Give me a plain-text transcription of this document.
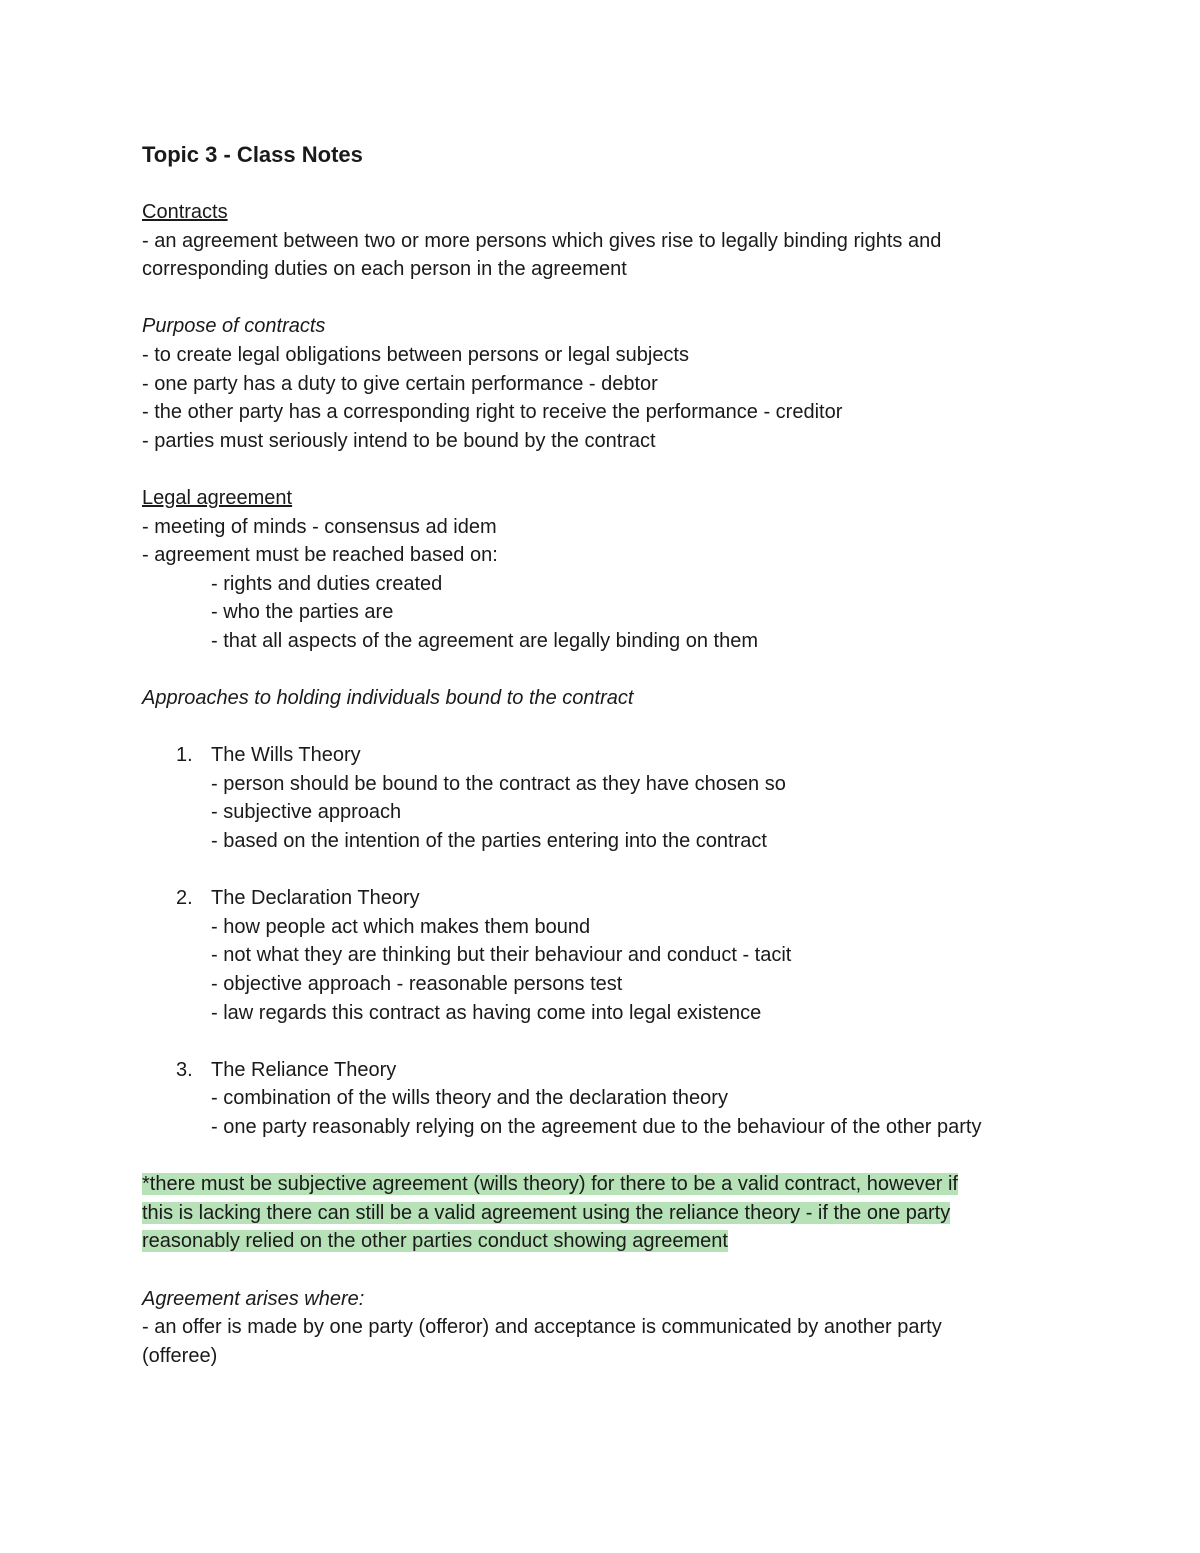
Topic 3 - Class Notes
Contracts
- an agreement between two or more persons which gives rise to legally binding rights and
corresponding duties on each person in the agreement
Purpose of contracts
- to create legal obligations between persons or legal subjects
- one party has a duty to give certain performance - debtor
- the other party has a corresponding right to receive the performance - creditor
- parties must seriously intend to be bound by the contract
Legal agreement
- meeting of minds - consensus ad idem
- agreement must be reached based on:
- rights and duties created
- who the parties are
- that all aspects of the agreement are legally binding on them
Approaches to holding individuals bound to the contract
1. The Wills Theory
- person should be bound to the contract as they have chosen so
- subjective approach
- based on the intention of the parties entering into the contract
2. The Declaration Theory
- how people act which makes them bound
- not what they are thinking but their behaviour and conduct - tacit
- objective approach - reasonable persons test
- law regards this contract as having come into legal existence
3. The Reliance Theory
- combination of the wills theory and the declaration theory
- one party reasonably relying on the agreement due to the behaviour of the other party
*there must be subjective agreement (wills theory) for there to be a valid contract, however if
this is lacking there can still be a valid agreement using the reliance theory - if the one party
reasonably relied on the other parties conduct showing agreement
Agreement arises where:
- an offer is made by one party (offeror) and acceptance is communicated by another party
(offeree)
